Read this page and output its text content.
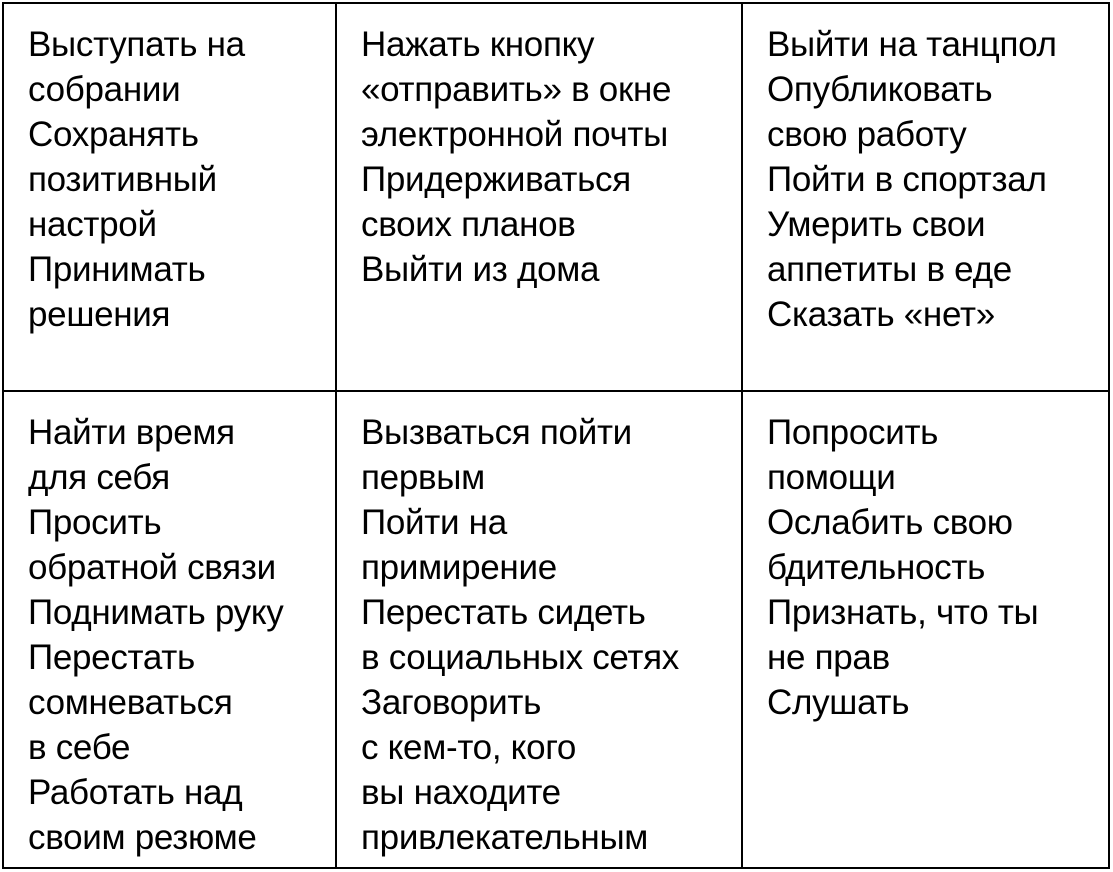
Выступать на
собрании
Сохранять
позитивный
настрой
Принимать
решения
Нажать кнопку
«отправить» в окне
электронной почты
Придерживаться
своих планов
Выйти из дома
Выйти на танцпол
Опубликовать
свою работу
Пойти в спортзал
Умерить свои
аппетиты в еде
Сказать «нет»
Найти время
для себя
Просить
обратной связи
Поднимать руку
Перестать
сомневаться
в себе
Работать над
своим резюме
Вызваться пойти
первым
Пойти на
примирение
Перестать сидеть
в социальных сетях
Заговорить
с кем-то, кого
вы находите
привлекательным
Попросить
помощи
Ослабить свою
бдительность
Признать, что ты
не прав
Слушать
